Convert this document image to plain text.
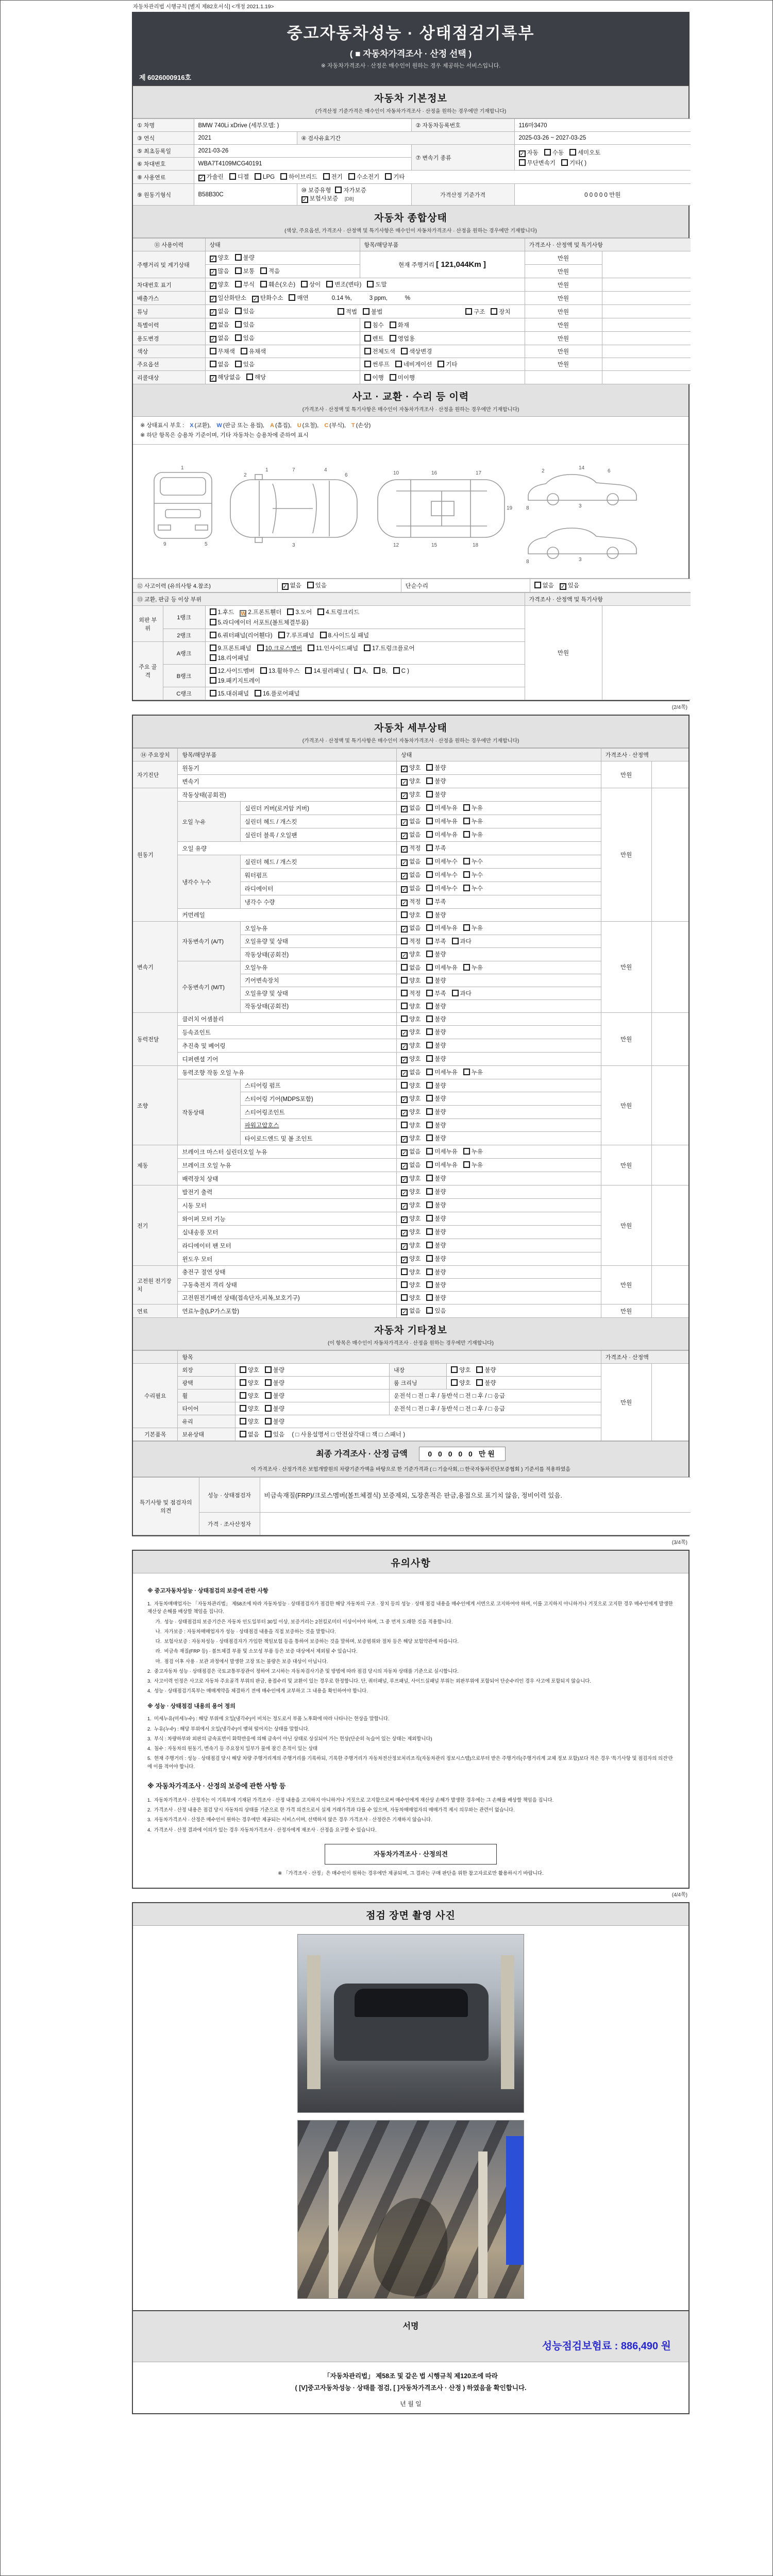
자동차관리법 시행규칙 [별지 제82호서식] <개정 2021.1.19>
중고자동차성능 · 상태점검기록부
( ■ 자동차가격조사 · 산정 선택 )
※ 자동차가격조사 · 산정은 매수인이 원하는 경우 제공하는 서비스입니다.
제 6026000916호
자동차 기본정보
(가격산정 기준가격은 매수인이 자동차가격조사 · 산정을 원하는 경우에만 기재합니다)
① 차명	BMW 740Li xDrive (세부모델: )		② 자동차등록번호	116마3470
③ 연식	2021	④ 검사유효기간		2025-03-26 ~ 2027-03-25
⑤ 최초등록일	2021-03-26		⑦ 변속기 종류	✓ 자동 수동 세미오토
무단변속기 기타( )

⑥ 차대번호	WBA7T4109MCG40191			
⑧ 사용연료	✓ 가솔린 디젤 LPG 하이브리드 전기 수소전기 기타			
⑨ 원동기형식	B58B30C	⑩ 보증유형 자가보증✓ 보험사보증 [DB]	가격산정 기준가격	0 0 0 0 0 만원
자동차 종합상태
(색상, 주요옵션, 가격조사 · 산정액 및 특기사항은 매수인이 자동차가격조사 · 산정을 원하는 경우에만 기재합니다)
⑪ 사용이력	상태	항목/해당부품	가격조사 · 산정액 및 특기사항	
주행거리 및 계기상태	✓ 양호 불량	현재 주행거리 [ 121,044Km ]	만원	
	✓ 많음 보통 적음		만원	
차대번호 표기	✓ 양호 부식 훼손(오손) 상이 변조(변타) 도말		만원	
배출가스	✓ 일산화탄소 ✓ 탄화수소 매연 0.14 %, 3 ppm, %		만원	
튜닝	✓ 없음 있음 적법 불법 구조 장치		만원	
특별이력	✓ 없음 있음	침수 화재	만원	
용도변경	✓ 없음 있음	렌트 영업용	만원	
색상	무채색 유채색	전체도색 색상변경	만원	
주요옵션	없음 있음	썬루프 네비게이션 기타	만원	
리콜대상	✓ 해당없음 해당	이행 미이행		
사고 · 교환 · 수리 등 이력
(가격조사 · 산정액 및 특기사항은 매수인이 자동차가격조사 · 산정을 원하는 경우에만 기재합니다)
※ 상태표시 부호 : X (교환), W (판금 또는 용접), A (흠집), U (요철), C (부식), T (손상)
※ 하단 항목은 승용차 기준이며, 기타 자동차는 승용차에 준하여 표시
1
9	5
2
1	7	4
3
6	10	16	17
12	15	18
19
2
14
6
3
8
3
8
⑫ 사고이력 (유의사항 4.참조)	✓ 없음 있음	단순수리	없음 ✓ 있음
⑬ 교환, 판금 등 이상 부위			가격조사 · 산정액 및 특기사항	
외판 부위	1랭크	1.후드 W 2.프론트휀더 3.도어 4.트렁크리드
5.라디에이터 서포트(볼트체결부품)	만원	
	2랭크	6.쿼터패널(리어휀다) 7.루프패널 8.사이드실 패널		
주요 골격	A랭크	9.프론트패널 10.크로스멤버 11.인사이드패널 17.트렁크플로어
18.리어패널		

	B랭크	12.사이드멤버 13.휠하우스 14.필러패널 ( A, B, C )
19.패키지트레이		

	C랭크	15.대쉬패널 16.플로어패널		
(2/4쪽)
자동차 세부상태
(가격조사 · 산정액 및 특기사항은 매수인이 자동차가격조사 · 산정을 원하는 경우에만 기재합니다)
⑭ 주요장치	항목/해당부품		상태	가격조사 · 산정액	
자기진단	원동기		✓ 양호 불량	만원	
	변속기		✓ 양호 불량		
원동기	작동상태(공회전)		✓ 양호 불량	만원	
	오일 누유	실린더 커버(로커암 커버)	✓ 없음 미세누유 누유		
		실린더 헤드 / 개스킷	✓ 없음 미세누유 누유		
		실린더 블록 / 오일팬	✓ 없음 미세누유 누유		
	오일 유량		✓ 적정 부족		
	냉각수 누수	실린더 헤드 / 개스킷	✓ 없음 미세누수 누수		
		워터펌프	✓ 없음 미세누수 누수		
		라디에이터	✓ 없음 미세누수 누수		
		냉각수 수량	✓ 적정 부족		
	커먼레일		양호 불량		
변속기	자동변속기 (A/T)	오일누유	✓ 없음 미세누유 누유	만원	
		오일유량 및 상태	적정 부족 과다		
		작동상태(공회전)	✓ 양호 불량		
	수동변속기 (M/T)	오일누유	없음 미세누유 누유		
		기어변속장치	양호 불량		
		오일유량 및 상태	적정 부족 과다		
		작동상태(공회전)	양호 불량		
동력전달	클러치 어셈블리		양호 불량	만원	
	등속죠인트		✓ 양호 불량		
	추진축 및 베어링		✓ 양호 불량		
	디퍼렌셜 기어		✓ 양호 불량		
조향	동력조향 작동 오일 누유		✓ 없음 미세누유 누유	만원	
	작동상태	스티어링 펌프	양호 불량		
		스티어링 기어(MDPS포함)	✓ 양호 불량		
		스티어링조인트	✓ 양호 불량		
		파워고압호스	양호 불량		
		타이로드엔드 및 볼 조인트	✓ 양호 불량		
제동	브레이크 마스터 실린더오일 누유		✓ 없음 미세누유 누유	만원	
	브레이크 오일 누유		✓ 없음 미세누유 누유		
	배력장치 상태		✓ 양호 불량		
전기	발전기 출력		✓ 양호 불량	만원	
	시동 모터		✓ 양호 불량		
	와이퍼 모터 기능		✓ 양호 불량		
	실내송풍 모터		✓ 양호 불량		
	라디에이터 팬 모터		✓ 양호 불량		
	윈도우 모터		✓ 양호 불량		
고전원 전기장치	충전구 절연 상태		양호 불량	만원	
	구동축전지 격리 상태		양호 불량		
	고전원전기배선 상태(접속단자,피복,보호기구)		양호 불량		
연료	연료누출(LP가스포함)		✓ 없음 있음	만원	
자동차 기타정보
(이 항목은 매수인이 자동차가격조사 · 산정을 원하는 경우에만 기재합니다)
	항목				가격조사 · 산정액	
수리필요	외장	양호 불량	내장	양호 불량	만원	
	광택	양호 불량	룸 크리닝	양호 불량		
	휠	양호 불량	운전석 □ 전 □ 후 / 동반석 □ 전 □ 후 / □ 응급			
	타이어	양호 불량	운전석 □ 전 □ 후 / 동반석 □ 전 □ 후 / □ 응급			
	유리	양호 불량				
기본품목	보유상태	없음 있음 ( □ 사용설명서 □ 안전삼각대 □ 잭 □ 스패너 )				
최종 가격조사 · 산정 금액	0 0 0 0 0 만원
이 가격조사 · 산정가격은 보험개발원의 차량기준가액을 바탕으로 한 기준가격과 ( □ 기술사회, □ 한국자동차진단보증협회 ) 기준서를 적용하였음
특기사항 및 점검자의 의견	성능 · 상태점검자	비금속재질(FRP)/크로스멤버(볼트체결식) 보증제외, 도장흔적은 판금,용접으로 표기치 않음, 정비이력 있음.
	가격 · 조사산정자	
(3/4쪽)
유의사항
※ 중고자동차성능 · 상태점검의 보증에 관한 사항
1.  자동차매매업자는 「자동차관리법」 제58조에 따라 자동차성능 · 상태점검자가 점검한 해당 자동차의 구조 · 장치 등의 성능 · 상태 점검 내용을 매수인에게 서면으로 고지하여야 하며, 이를 고지하지 아니하거나 거짓으로 고지한 경우 매수인에게 발생한 재산상 손해를 배상할 책임을 집니다.
가.  성능 · 상태점검의 보증기간은 자동차 인도일부터 30일 이상, 보증거리는 2천킬로미터 이상이어야 하며, 그 중 먼저 도래한 것을 적용합니다.
나.  자가보증 : 자동차매매업자가 성능 · 상태점검 내용을 직접 보증하는 것을 말합니다.
다.  보험사보증 : 자동차성능 · 상태점검자가 가입한 책임보험 등을 통하여 보증하는 것을 말하며, 보증범위와 절차 등은 해당 보험약관에 따릅니다.
라.  비금속 재질(FRP 등) · 볼트체결 부품 및 소모성 부품 등은 보증 대상에서 제외될 수 있습니다.
마.  점검 이후 사용 · 보관 과정에서 발생한 고장 또는 불량은 보증 대상이 아닙니다.
2.  중고자동차 성능 · 상태점검은 국토교통부장관이 정하여 고시하는 자동차검사기준 및 방법에 따라 점검 당시의 자동차 상태를 기준으로 실시합니다.
3.  사고이력 인정은 사고로 자동차 주요골격 부위의 판금, 용접수리 및 교환이 있는 경우로 한정합니다. 단, 쿼터패널, 루프패널, 사이드실패널 부위는 외판부위에 포함되어 단순수리인 경우 사고에 포함되지 않습니다.
4.  성능 · 상태점검기록부는 매매계약을 체결하기 전에 매수인에게 교부하고 그 내용을 확인하여야 합니다.
※ 성능 · 상태점검 내용의 용어 정의
1.  미세누유(미세누수) : 해당 부위에 오일(냉각수)이 비치는 정도로서 부품 노후화에 따라 나타나는 현상을 말합니다.
2.  누유(누수) : 해당 부위에서 오일(냉각수)이 맺혀 떨어지는 상태를 말합니다.
3.  부식 : 차량하부와 외판의 금속표면이 화학반응에 의해 금속이 아닌 상태로 상실되어 가는 현상(단순히 녹슬어 있는 상태는 제외합니다)
4.  침수 : 자동차의 원동기, 변속기 등 주요장치 일부가 물에 잠긴 흔적이 있는 상태
5.  현재 주행거리 : 성능 · 상태점검 당시 해당 차량 주행거리계의 주행거리를 기록하되, 기록한 주행거리가 자동차전산정보처리조직(자동차관리 정보시스템)으로부터 받은 주행거리(주행거리계 교체 정보 포함)보다 적은 경우 '특기사항 및 점검자의 의견'란에 이를 적어야 합니다.
※ 자동차가격조사 · 산정의 보증에 관한 사항 등
1.  자동차가격조사 · 산정자는 이 기록부에 기재된 가격조사 · 산정 내용을 고지하지 아니하거나 거짓으로 고지함으로써 매수인에게 재산상 손해가 발생한 경우에는 그 손해를 배상할 책임을 집니다.
2.  가격조사 · 산정 내용은 점검 당시 자동차의 상태를 기준으로 한 가격 의견으로서 실제 거래가격과 다를 수 있으며, 자동차매매업자의 매매가격 제시 의무와는 관련이 없습니다.
3.  자동차가격조사 · 산정은 매수인이 원하는 경우에만 제공되는 서비스이며, 선택하지 않은 경우 가격조사 · 산정란은 기재하지 않습니다.
4.  가격조사 · 산정 결과에 이의가 있는 경우 자동차가격조사 · 산정자에게 재조사 · 산정을 요구할 수 있습니다.
자동차가격조사 · 산정의견
※ 「가격조사 · 산정」은 매수인이 원하는 경우에만 제공되며, 그 결과는 구매 판단을 위한 참고자료로만 활용하시기 바랍니다.
(4/4쪽)
점검 장면 촬영 사진
서명
성능점검보험료 : 886,490 원
「자동차관리법」 제58조 및 같은 법 시행규칙 제120조에 따라
( [V]중고자동차성능 · 상태를 점검, [ ]자동차가격조사 · 산정 ) 하였음을 확인합니다.
년 월 일
